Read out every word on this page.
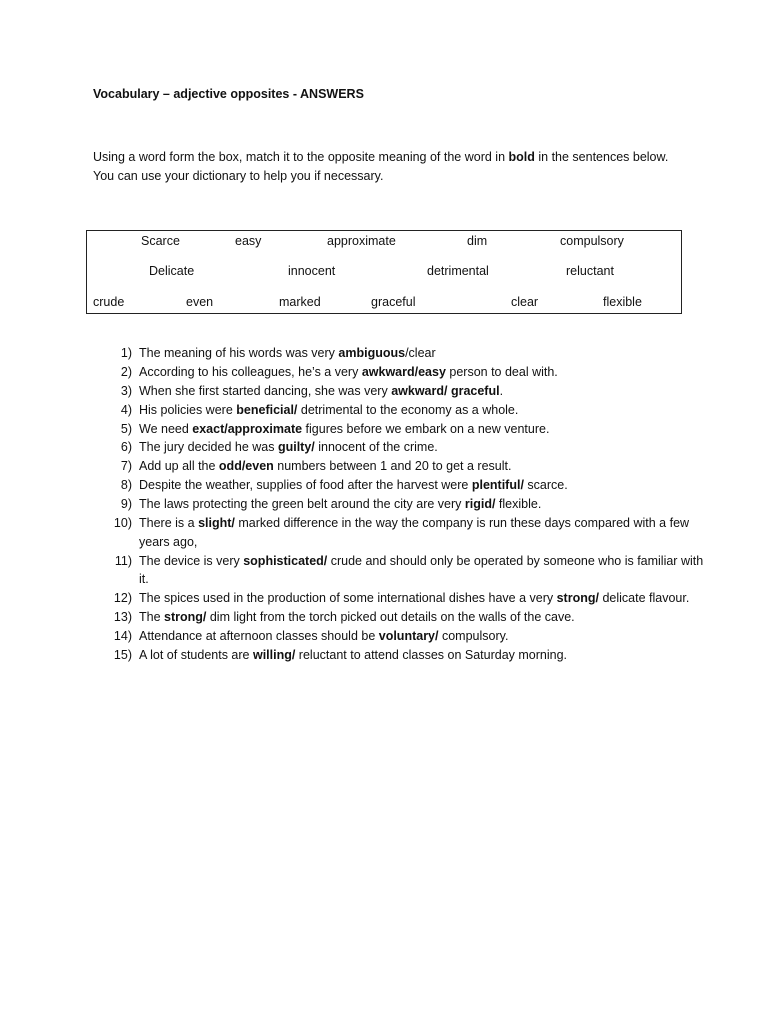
Vocabulary – adjective opposites - ANSWERS
Using a word form the box, match it to the opposite meaning of the word in bold in the sentences below. You can use your dictionary to help you if necessary.
Scarce	easy	approximate	dim	compulsory
Delicate	innocent	detrimental	reluctant
crude	even	marked	graceful	clear	flexible
1) The meaning of his words was very ambiguous/clear
2) According to his colleagues, he’s a very awkward/easy person to deal with.
3) When she first started dancing, she was very awkward/ graceful.
4) His policies were beneficial/ detrimental to the economy as a whole.
5) We need exact/approximate figures before we embark on a new venture.
6) The jury decided he was guilty/ innocent of the crime.
7) Add up all the odd/even numbers between 1 and 20 to get a result.
8) Despite the weather, supplies of food after the harvest were plentiful/ scarce.
9) The laws protecting the green belt around the city are very rigid/ flexible.
10) There is a slight/ marked difference in the way the company is run these days compared with a few years ago,
11) The device is very sophisticated/ crude and should only be operated by someone who is familiar with it.
12) The spices used in the production of some international dishes have a very strong/ delicate flavour.
13) The strong/ dim light from the torch picked out details on the walls of the cave.
14) Attendance at afternoon classes should be voluntary/ compulsory.
15) A lot of students are willing/ reluctant to attend classes on Saturday morning.
